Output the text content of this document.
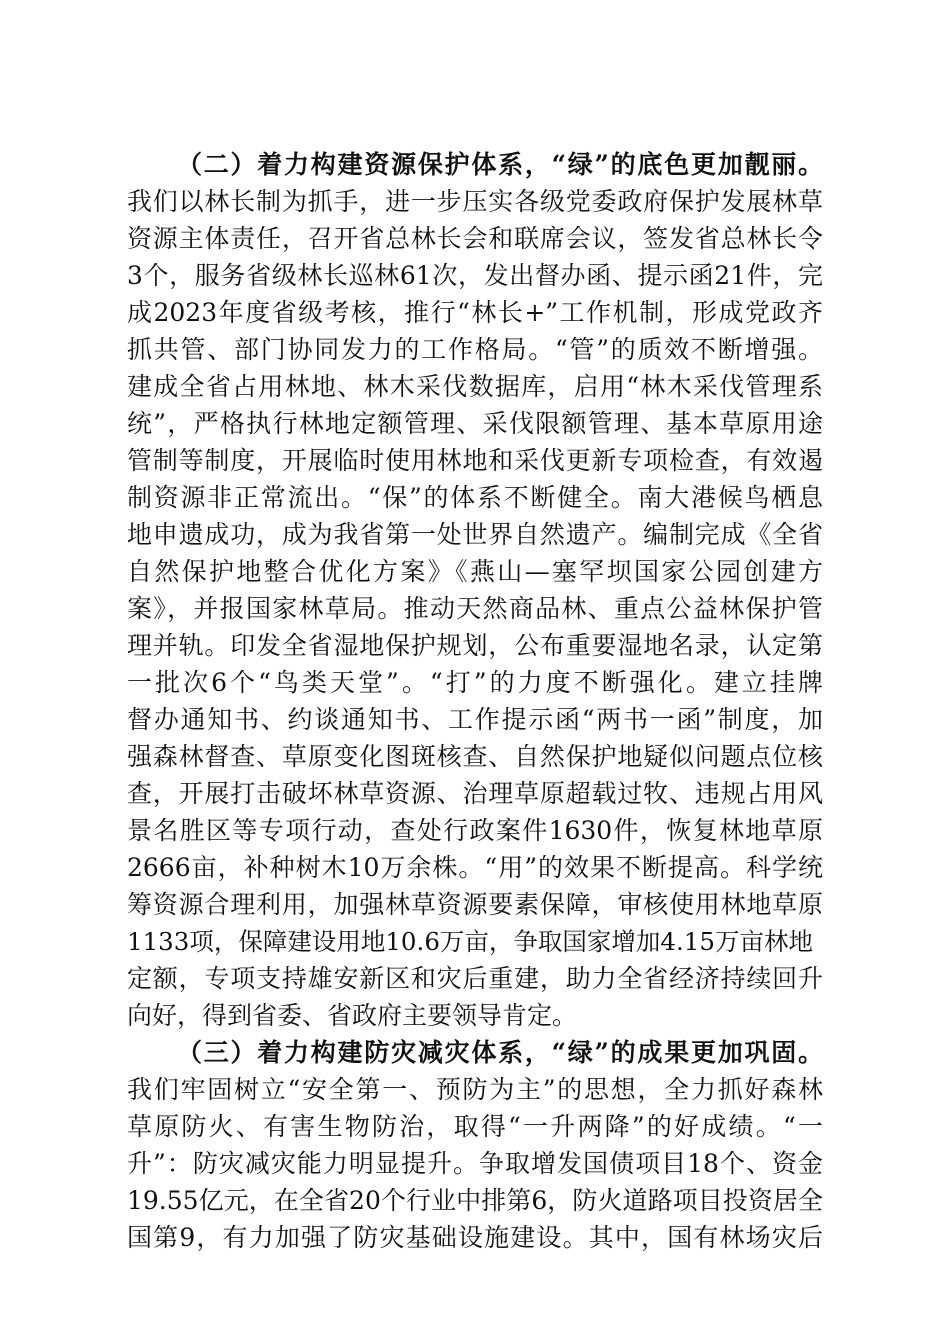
（二）着力构建资源保护体系，“绿”的底色更加靓丽。
我们以林长制为抓手，进一步压实各级党委政府保护发展林草
资源主体责任，召开省总林长会和联席会议，签发省总林长令
3个，服务省级林长巡林61次，发出督办函、提示函21件，完
成2023年度省级考核，推行“林长+”工作机制，形成党政齐
抓共管、部门协同发力的工作格局。“管”的质效不断增强。
建成全省占用林地、林木采伐数据库，启用“林木采伐管理系
统”，严格执行林地定额管理、采伐限额管理、基本草原用途
管制等制度，开展临时使用林地和采伐更新专项检查，有效遏
制资源非正常流出。“保”的体系不断健全。南大港候鸟栖息
地申遗成功，成为我省第一处世界自然遗产。编制完成《全省
自然保护地整合优化方案》《燕山—塞罕坝国家公园创建方
案》，并报国家林草局。推动天然商品林、重点公益林保护管
理并轨。印发全省湿地保护规划，公布重要湿地名录，认定第
一批次6个“鸟类天堂”。“打”的力度不断强化。建立挂牌
督办通知书、约谈通知书、工作提示函“两书一函”制度，加
强森林督查、草原变化图斑核查、自然保护地疑似问题点位核
查，开展打击破坏林草资源、治理草原超载过牧、违规占用风
景名胜区等专项行动，查处行政案件1630件，恢复林地草原
2666亩，补种树木10万余株。“用”的效果不断提高。科学统
筹资源合理利用，加强林草资源要素保障，审核使用林地草原
1133项，保障建设用地10.6万亩，争取国家增加4.15万亩林地
定额，专项支持雄安新区和灾后重建，助力全省经济持续回升
向好，得到省委、省政府主要领导肯定。
（三）着力构建防灾减灾体系，“绿”的成果更加巩固。
我们牢固树立“安全第一、预防为主”的思想，全力抓好森林
草原防火、有害生物防治，取得“一升两降”的好成绩。“一
升”：防灾减灾能力明显提升。争取增发国债项目18个、资金
19.55亿元，在全省20个行业中排第6，防火道路项目投资居全
国第9，有力加强了防灾基础设施建设。其中，国有林场灾后
